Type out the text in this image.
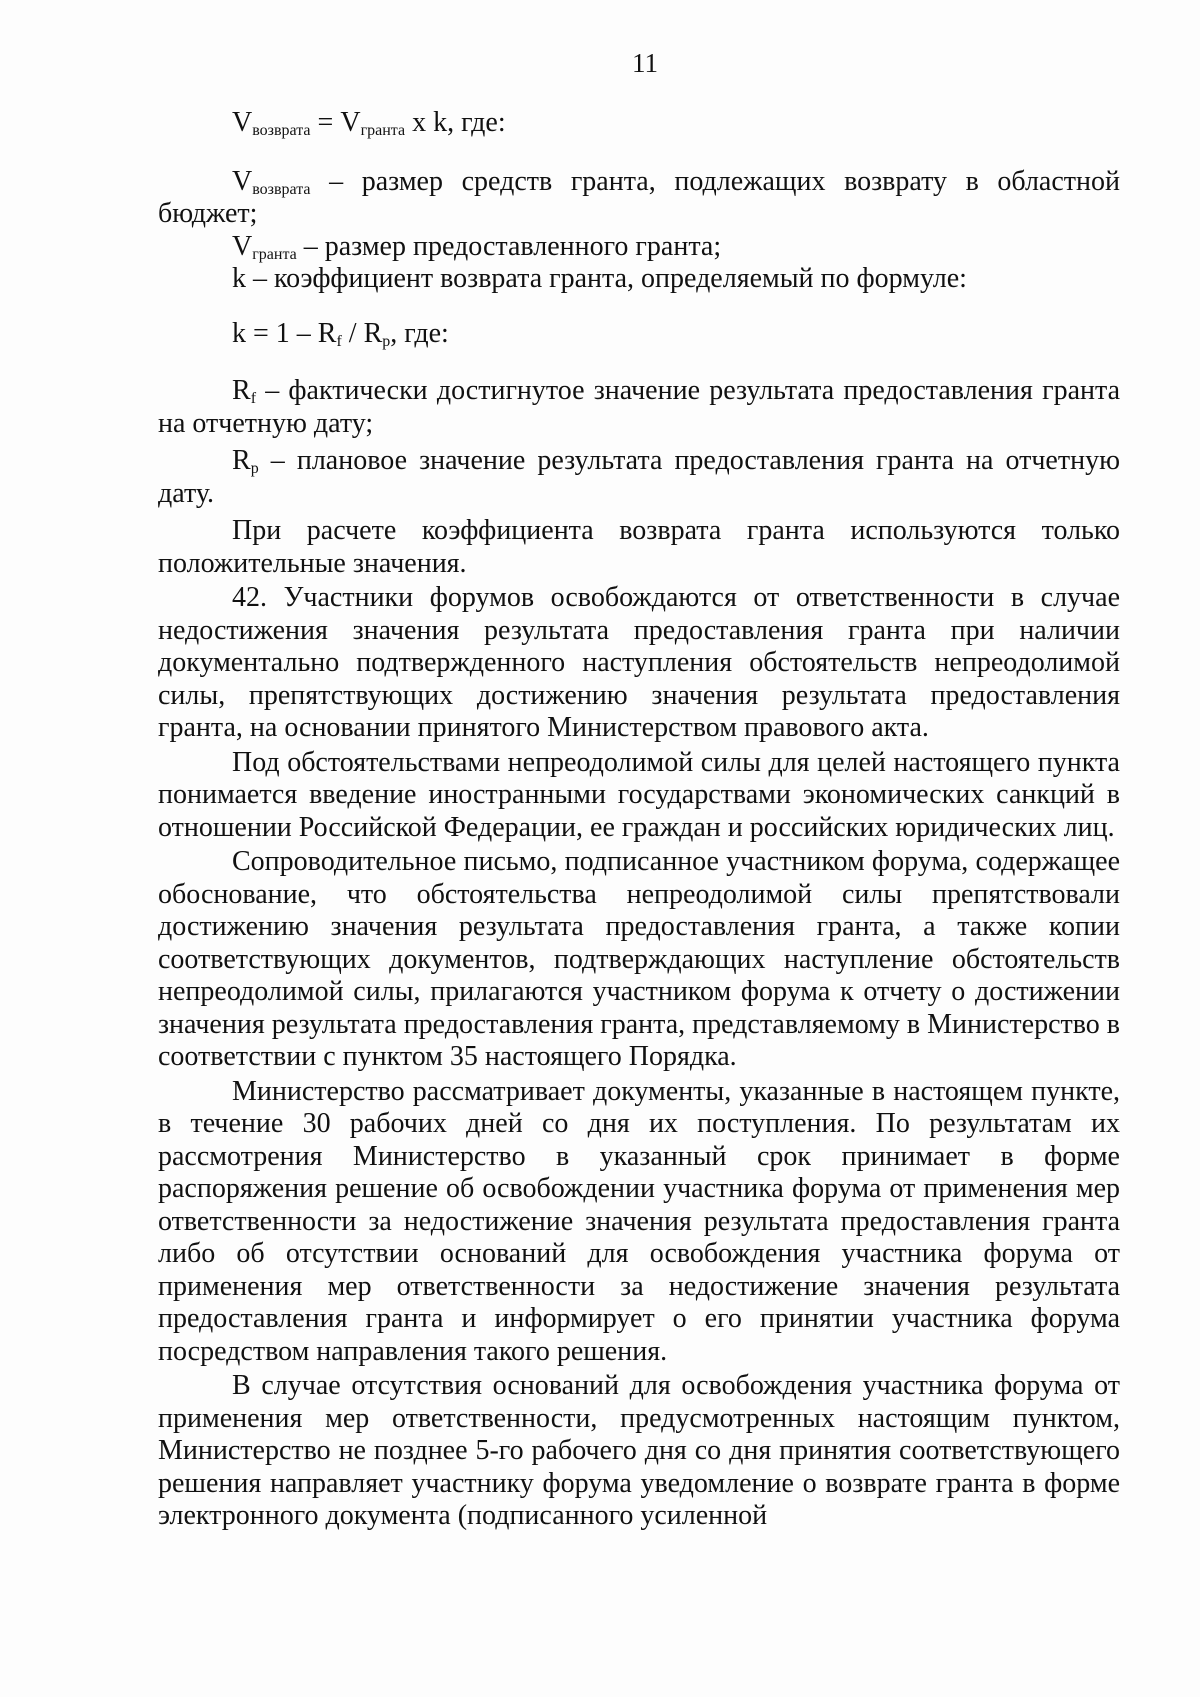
11

$V_{возврата} = V_{гранта}$ x k, где:

$V_{возврата}$ – размер средств гранта, подлежащих возврату в областной бюджет;

$V_{гранта}$ – размер предоставленного гранта;

k – коэффициент возврата гранта, определяемый по формуле:

$k = 1 - R_f / R_p$, где:

$R_f$ – фактически достигнутое значение результата предоставления гранта на отчетную дату;

$R_p$ – плановое значение результата предоставления гранта на отчетную дату.

При расчете коэффициента возврата гранта используются только положительные значения.

42. Участники форумов освобождаются от ответственности в случае недостижения значения результата предоставления гранта при наличии документально подтвержденного наступления обстоятельств непреодолимой силы, препятствующих достижению значения результата предоставления гранта, на основании принятого Министерством правового акта.

Под обстоятельствами непреодолимой силы для целей настоящего пункта понимается введение иностранными государствами экономических санкций в отношении Российской Федерации, ее граждан и российских юридических лиц.

Сопроводительное письмо, подписанное участником форума, содержащее обоснование, что обстоятельства непреодолимой силы препятствовали достижению значения результата предоставления гранта, а также копии соответствующих документов, подтверждающих наступление обстоятельств непреодолимой силы, прилагаются участником форума к отчету о достижении значения результата предоставления гранта, представляемому в Министерство в соответствии с пунктом 35 настоящего Порядка.

Министерство рассматривает документы, указанные в настоящем пункте, в течение 30 рабочих дней со дня их поступления. По результатам их рассмотрения Министерство в указанный срок принимает в форме распоряжения решение об освобождении участника форума от применения мер ответственности за недостижение значения результата предоставления гранта либо об отсутствии оснований для освобождения участника форума от применения мер ответственности за недостижение значения результата предоставления гранта и информирует о его принятии участника форума посредством направления такого решения.

В случае отсутствия оснований для освобождения участника форума от применения мер ответственности, предусмотренных настоящим пунктом, Министерство не позднее 5-го рабочего дня со дня принятия соответствующего решения направляет участнику форума уведомление о возврате гранта в форме электронного документа (подписанного усиленной
